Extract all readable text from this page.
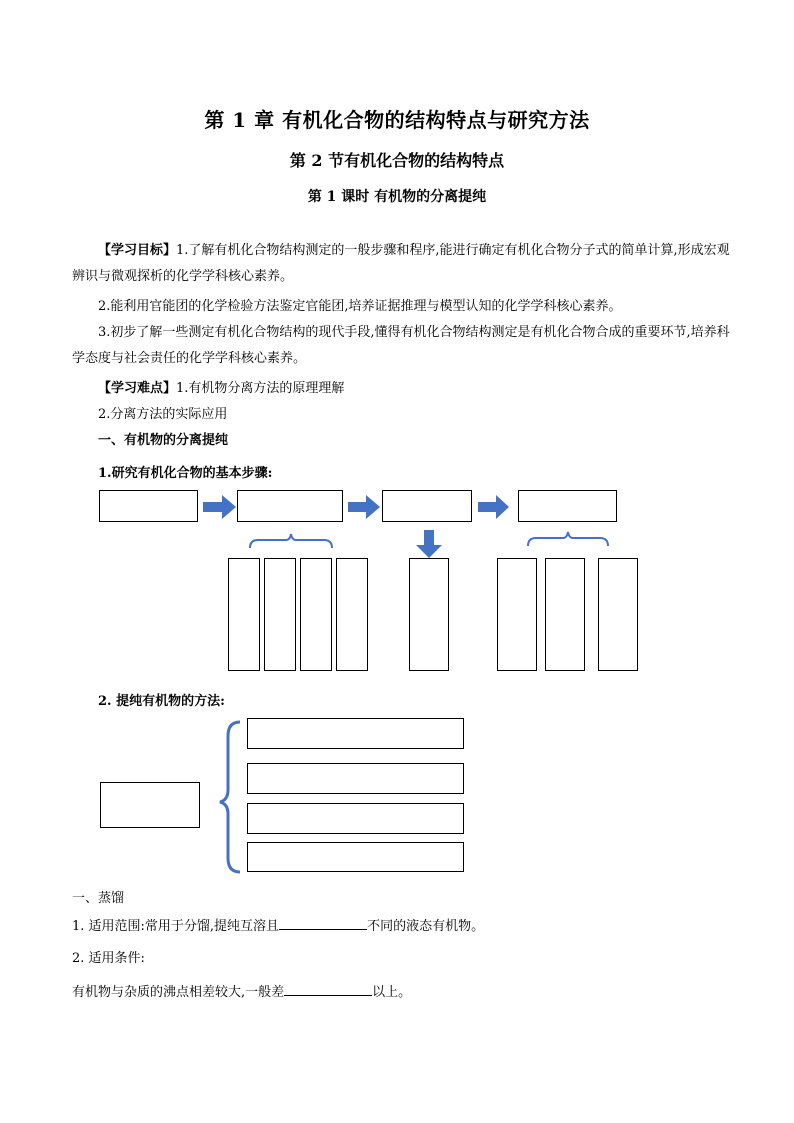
第 1 章 有机化合物的结构特点与研究方法
第 2 节有机化合物的结构特点
第 1 课时 有机物的分离提纯
【学习目标】1.了解有机化合物结构测定的一般步骤和程序,能进行确定有机化合物分子式的简单计算,形成宏观辨识与微观探析的化学学科核心素养。
2.能利用官能团的化学检验方法鉴定官能团,培养证据推理与模型认知的化学学科核心素养。
3.初步了解一些测定有机化合物结构的现代手段,懂得有机化合物结构测定是有机化合物合成的重要环节,培养科学态度与社会责任的化学学科核心素养。
【学习难点】1.有机物分离方法的原理理解
2.分离方法的实际应用
一、有机物的分离提纯
1.研究有机化合物的基本步骤:
2. 提纯有机物的方法:
一、蒸馏
1. 适用范围:常用于分馏,提纯互溶且	不同的液态有机物。
2. 适用条件:
有机物与杂质的沸点相差较大,一般差	以上。
